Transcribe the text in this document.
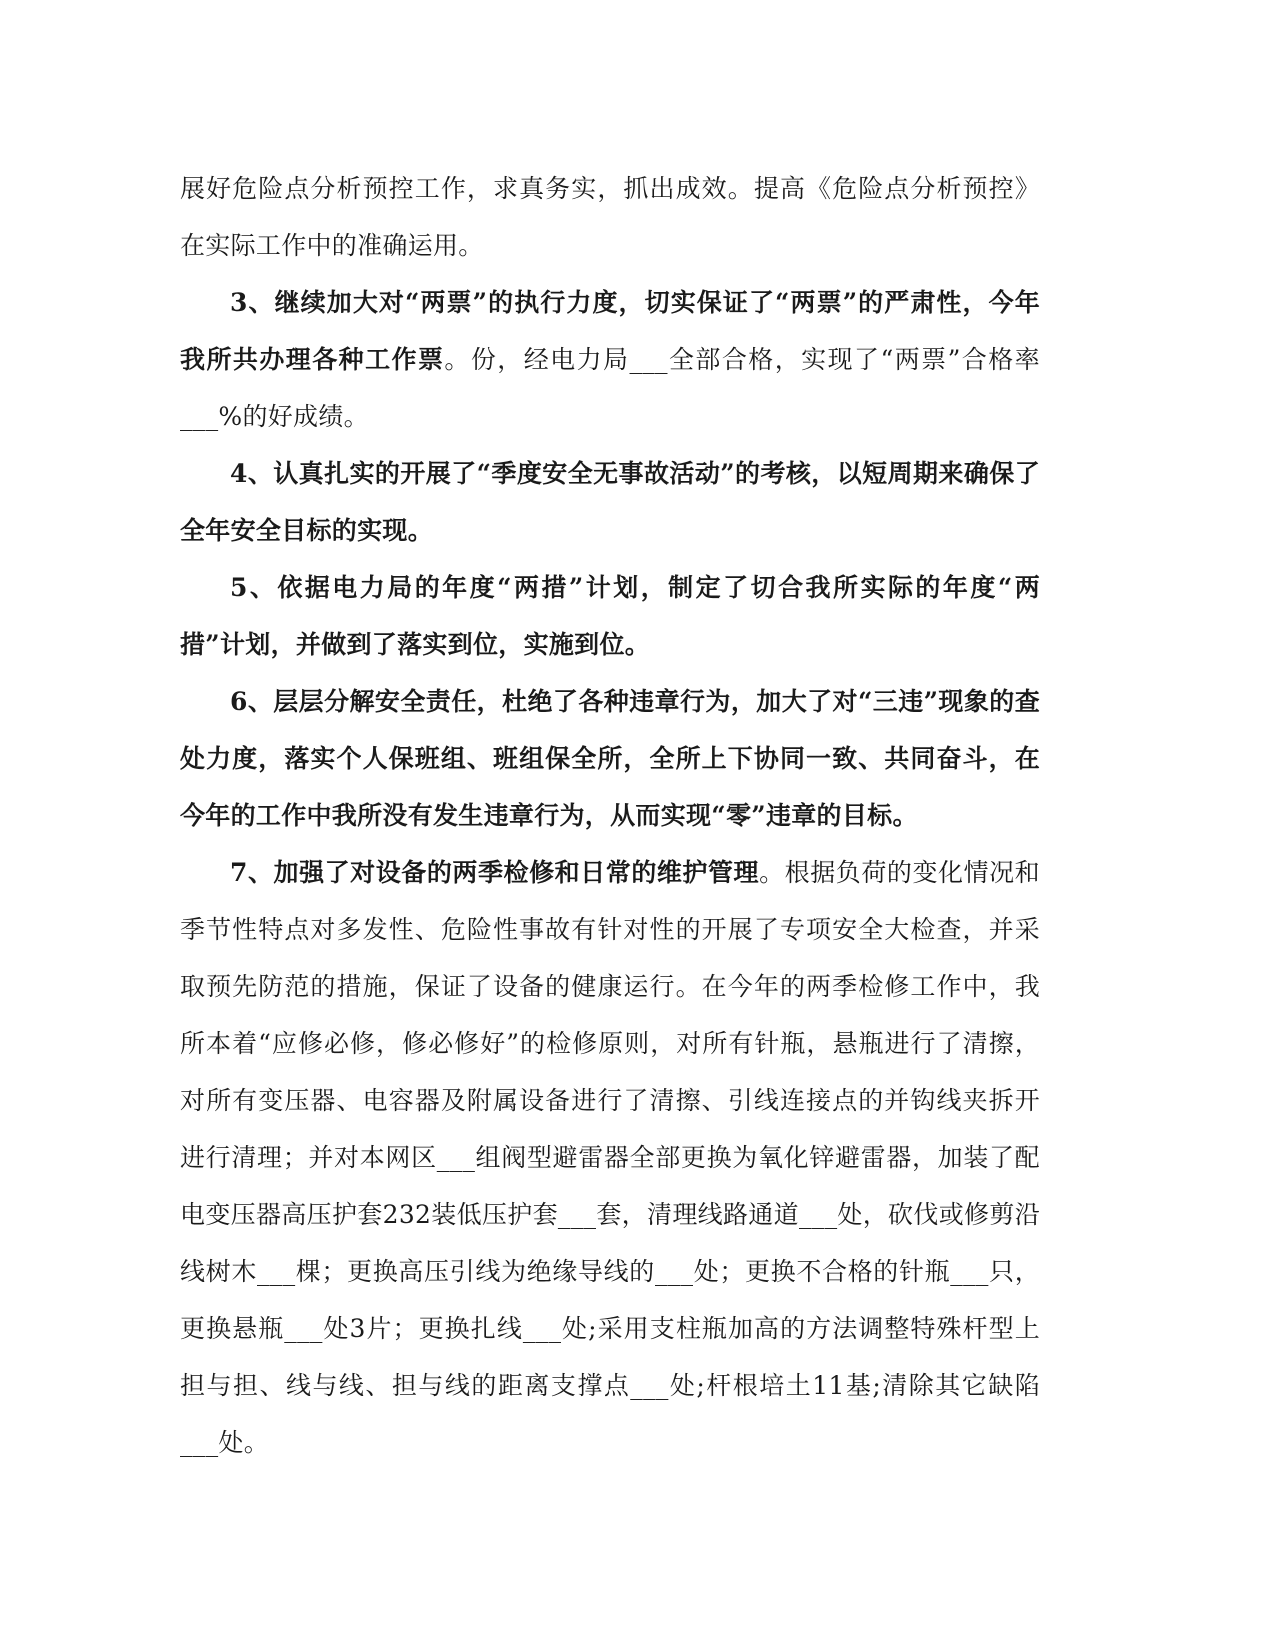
展好危险点分析预控工作，求真务实，抓出成效。提高《危险点分析预控》在实际工作中的准确运用。

3、继续加大对“两票”的执行力度，切实保证了“两票”的严肃性，今年我所共办理各种工作票。份，经电力局___全部合格，实现了“两票”合格率___%的好成绩。

4、认真扎实的开展了“季度安全无事故活动”的考核，以短周期来确保了全年安全目标的实现。

5、依据电力局的年度“两措”计划，制定了切合我所实际的年度“两措”计划，并做到了落实到位，实施到位。

6、层层分解安全责任，杜绝了各种违章行为，加大了对“三违”现象的查处力度，落实个人保班组、班组保全所，全所上下协同一致、共同奋斗，在今年的工作中我所没有发生违章行为，从而实现“零”违章的目标。

7、加强了对设备的两季检修和日常的维护管理。根据负荷的变化情况和季节性特点对多发性、危险性事故有针对性的开展了专项安全大检查，并采取预先防范的措施，保证了设备的健康运行。在今年的两季检修工作中，我所本着“应修必修，修必修好”的检修原则，对所有针瓶，悬瓶进行了清擦，对所有变压器、电容器及附属设备进行了清擦、引线连接点的并钩线夹拆开进行清理；并对本网区___组阀型避雷器全部更换为氧化锌避雷器，加装了配电变压器高压护套232装低压护套___套，清理线路通道___处，砍伐或修剪沿线树木___棵；更换高压引线为绝缘导线的___处；更换不合格的针瓶___只，更换悬瓶___处3片；更换扎线___处;采用支柱瓶加高的方法调整特殊杆型上担与担、线与线、担与线的距离支撑点___处;杆根培土11基;清除其它缺陷___处。
